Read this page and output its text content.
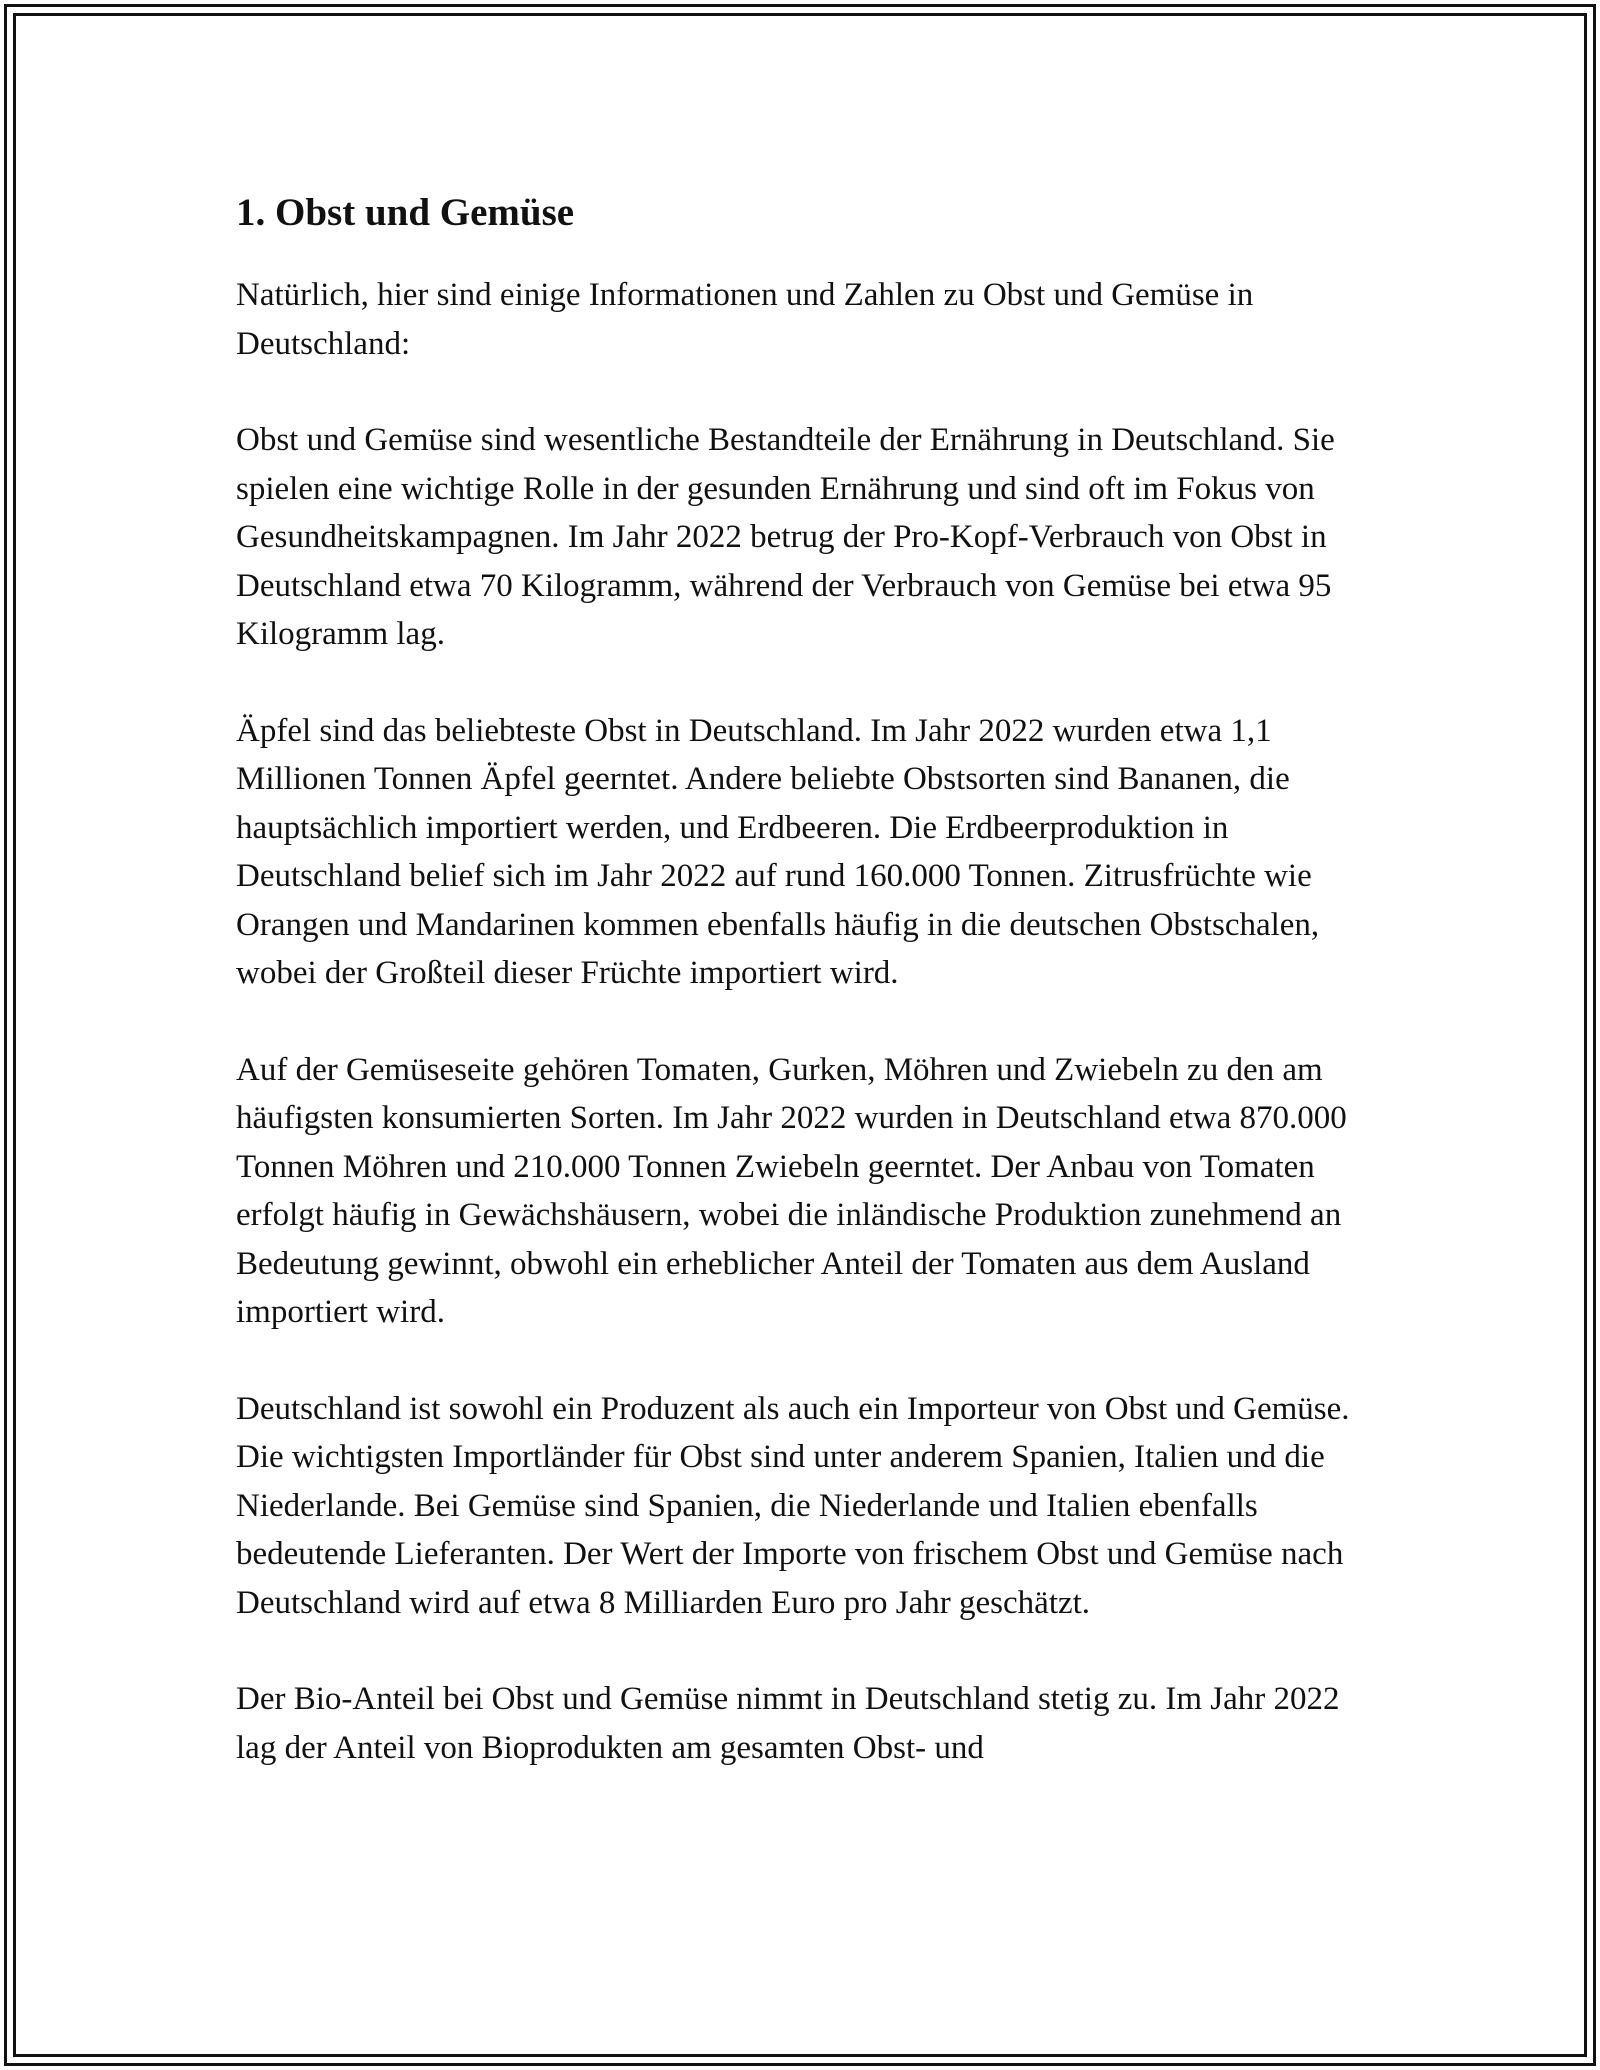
1. Obst und Gemüse

Natürlich, hier sind einige Informationen und Zahlen zu Obst und Gemüse in Deutschland:

Obst und Gemüse sind wesentliche Bestandteile der Ernährung in Deutschland. Sie spielen eine wichtige Rolle in der gesunden Ernährung und sind oft im Fokus von Gesundheitskampagnen. Im Jahr 2022 betrug der Pro-Kopf-Verbrauch von Obst in Deutschland etwa 70 Kilogramm, während der Verbrauch von Gemüse bei etwa 95 Kilogramm lag.

Äpfel sind das beliebteste Obst in Deutschland. Im Jahr 2022 wurden etwa 1,1 Millionen Tonnen Äpfel geerntet. Andere beliebte Obstsorten sind Bananen, die hauptsächlich importiert werden, und Erdbeeren. Die Erdbeerproduktion in Deutschland belief sich im Jahr 2022 auf rund 160.000 Tonnen. Zitrusfrüchte wie Orangen und Mandarinen kommen ebenfalls häufig in die deutschen Obstschalen, wobei der Großteil dieser Früchte importiert wird.

Auf der Gemüseseite gehören Tomaten, Gurken, Möhren und Zwiebeln zu den am häufigsten konsumierten Sorten. Im Jahr 2022 wurden in Deutschland etwa 870.000 Tonnen Möhren und 210.000 Tonnen Zwiebeln geerntet. Der Anbau von Tomaten erfolgt häufig in Gewächshäusern, wobei die inländische Produktion zunehmend an Bedeutung gewinnt, obwohl ein erheblicher Anteil der Tomaten aus dem Ausland importiert wird.

Deutschland ist sowohl ein Produzent als auch ein Importeur von Obst und Gemüse. Die wichtigsten Importländer für Obst sind unter anderem Spanien, Italien und die Niederlande. Bei Gemüse sind Spanien, die Niederlande und Italien ebenfalls bedeutende Lieferanten. Der Wert der Importe von frischem Obst und Gemüse nach Deutschland wird auf etwa 8 Milliarden Euro pro Jahr geschätzt.

Der Bio-Anteil bei Obst und Gemüse nimmt in Deutschland stetig zu. Im Jahr 2022 lag der Anteil von Bioprodukten am gesamten Obst- und
